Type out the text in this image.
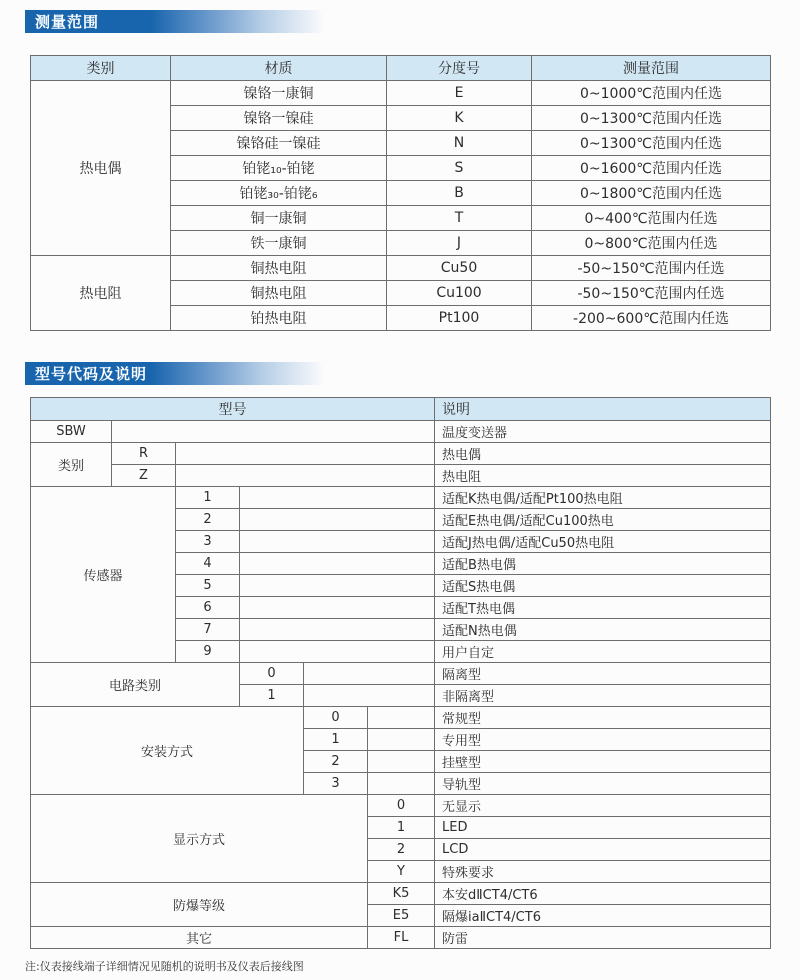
测量范围
类别	材质	分度号	测量范围
热电偶	镍铬一康铜	E	0~1000℃范围内任选
	镍铬一镍硅	K	0~1300℃范围内任选
	镍铬硅一镍硅	N	0~1300℃范围内任选
	铂铑₁₀-铂铑	S	0~1600℃范围内任选
	铂铑₃₀-铂铑₆	B	0~1800℃范围内任选
	铜一康铜	T	0~400℃范围内任选
	铁一康铜	J	0~800℃范围内任选
热电阻	铜热电阻	Cu50	-50~150℃范围内任选
	铜热电阻	Cu100	-50~150℃范围内任选
	铂热电阻	Pt100	-200~600℃范围内任选
型号代码及说明
型号						说明
SBW						温度变送器
类别	R					热电偶
	Z					热电阻
传感器		1				适配K热电偶/适配Pt100热电阻
		2				适配E热电偶/适配Cu100热电
		3				适配J热电偶/适配Cu50热电阻
		4				适配B热电偶
		5				适配S热电偶
		6				适配T热电偶
		7				适配N热电偶
		9				用户自定
电路类别			0			隔离型
			1			非隔离型
安装方式				0		常规型
				1		专用型
				2		挂壁型
				3		导轨型
显示方式					0	无显示
					1	LED
					2	LCD
					Y	特殊要求
防爆等级					K5	本安dⅡCT4/CT6
					E5	隔爆iaⅡCT4/CT6
其它					FL	防雷
注:仪表接线端子详细情况见随机的说明书及仪表后接线图
